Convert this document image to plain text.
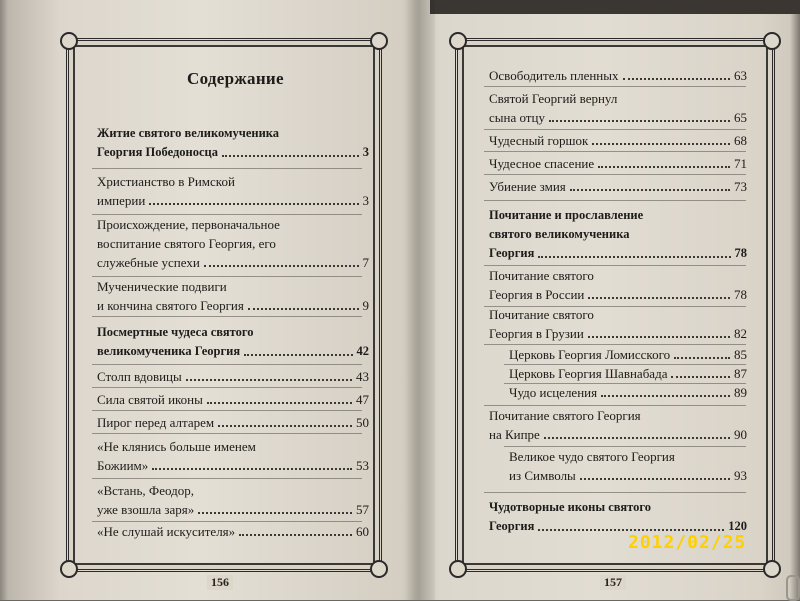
Содержание
Житие святого великомученика
Георгия Победоносца	3
Христианство в Римской
империи	3
Происхождение, первоначальное
воспитание святого Георгия, его
служебные успехи	7
Мученические подвиги
и кончина святого Георгия	9
Посмертные чудеса святого
великомученика Георгия	42
Столп вдовицы	43
Сила святой иконы	47
Пирог перед алтарем	50
«Не клянись больше именем
Божиим»	53
«Встань, Феодор,
уже взошла заря»	57
«Не слушай искусителя»	60
156
Освободитель пленных	63
Святой Георгий вернул
сына отцу	65
Чудесный горшок	68
Чудесное спасение	71
Убиение змия	73
Почитание и прославление
святого великомученика
Георгия	78
Почитание святого
Георгия в России	78
Почитание святого
Георгия в Грузии	82
Церковь Георгия Ломисского	85
Церковь Георгия Шавнабада	87
Чудо исцеления	89
Почитание святого Георгия
на Кипре	90
Великое чудо святого Георгия
из Символы	93
Чудотворные иконы святого
Георгия	120
157
2012/02/25
